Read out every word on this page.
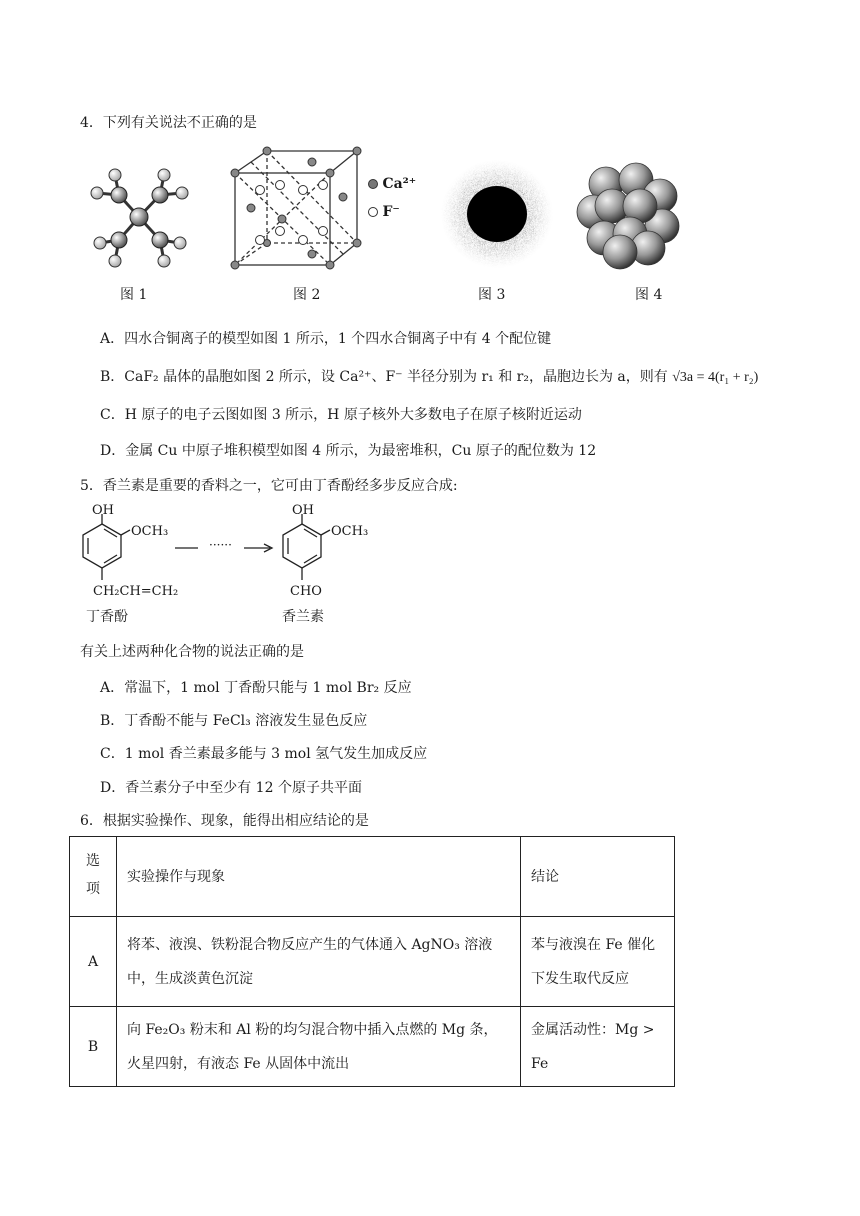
4．下列有关说法不正确的是
图 1
Ca²⁺
F⁻
图 2	图 3	图 4
A．四水合铜离子的模型如图 1 所示，1 个四水合铜离子中有 4 个配位键
B．CaF₂ 晶体的晶胞如图 2 所示，设 Ca²⁺、F⁻ 半径分别为 r₁ 和 r₂，晶胞边长为 a，则有 √3a = 4(r₁ + r₂)
C．H 原子的电子云图如图 3 所示，H 原子核外大多数电子在原子核附近运动
D．金属 Cu 中原子堆积模型如图 4 所示，为最密堆积，Cu 原子的配位数为 12
5．香兰素是重要的香料之一，它可由丁香酚经多步反应合成:
OH
OCH₃
CH₂CH=CH₂
丁香酚
······
OH
OCH₃
CHO
香兰素
有关上述两种化合物的说法正确的是
A．常温下，1 mol 丁香酚只能与 1 mol Br₂ 反应
B．丁香酚不能与 FeCl₃ 溶液发生显色反应
C．1 mol 香兰素最多能与 3 mol 氢气发生加成反应
D．香兰素分子中至少有 12 个原子共平面
6．根据实验操作、现象，能得出相应结论的是
选项	实验操作与现象	结论
A	将苯、液溴、铁粉混合物反应产生的气体通入 AgNO₃ 溶液中，生成淡黄色沉淀	苯与液溴在 Fe 催化下发生取代反应

B	向 Fe₂O₃ 粉末和 Al 粉的均匀混合物中插入点燃的 Mg 条，火星四射，有液态 Fe 从固体中流出	金属活动性：Mg > Fe
